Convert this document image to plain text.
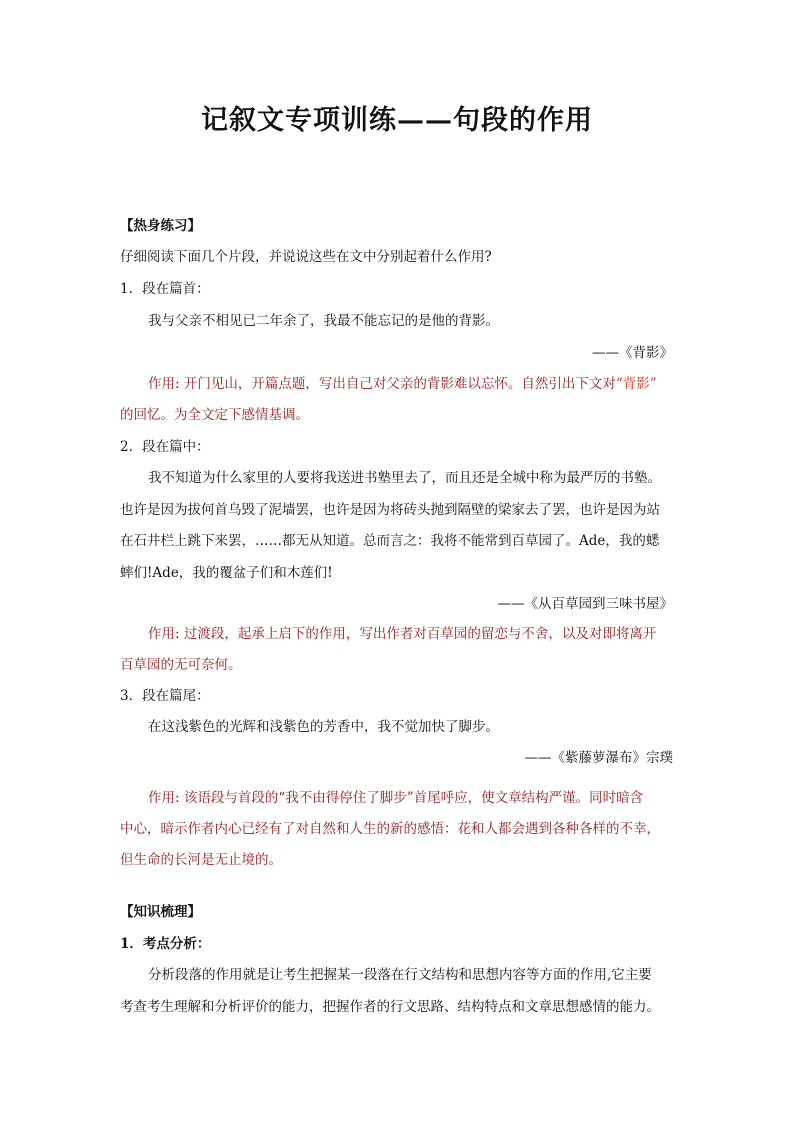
记叙文专项训练——句段的作用

【热身练习】

仔细阅读下面几个片段，并说说这些在文中分别起着什么作用?

1．段在篇首：

我与父亲不相见已二年余了，我最不能忘记的是他的背影。

——《背影》

作用: 开门见山，开篇点题，写出自己对父亲的背影难以忘怀。自然引出下文对“背影”

的回忆。为全文定下感情基调。

2．段在篇中：

我不知道为什么家里的人要将我送进书塾里去了，而且还是全城中称为最严厉的书塾。

也许是因为拔何首乌毁了泥墙罢，也许是因为将砖头抛到隔壁的梁家去了罢，也许是因为站

在石井栏上跳下来罢，……都无从知道。总而言之：我将不能常到百草园了。Ade，我的蟋

蟀们!Ade，我的覆盆子们和木莲们!

——《从百草园到三味书屋》

作用: 过渡段，起承上启下的作用，写出作者对百草园的留恋与不舍，以及对即将离开

百草园的无可奈何。

3．段在篇尾：

在这浅紫色的光辉和浅紫色的芳香中，我不觉加快了脚步。

——《紫藤萝瀑布》宗璞

作用: 该语段与首段的“我不由得停住了脚步”首尾呼应，使文章结构严谨。同时暗含

中心，暗示作者内心已经有了对自然和人生的新的感悟：花和人都会遇到各种各样的不幸，

但生命的长河是无止境的。

【知识梳理】

1．考点分析：

分析段落的作用就是让考生把握某一段落在行文结构和思想内容等方面的作用,它主要

考查考生理解和分析评价的能力，把握作者的行文思路、结构特点和文章思想感情的能力。
